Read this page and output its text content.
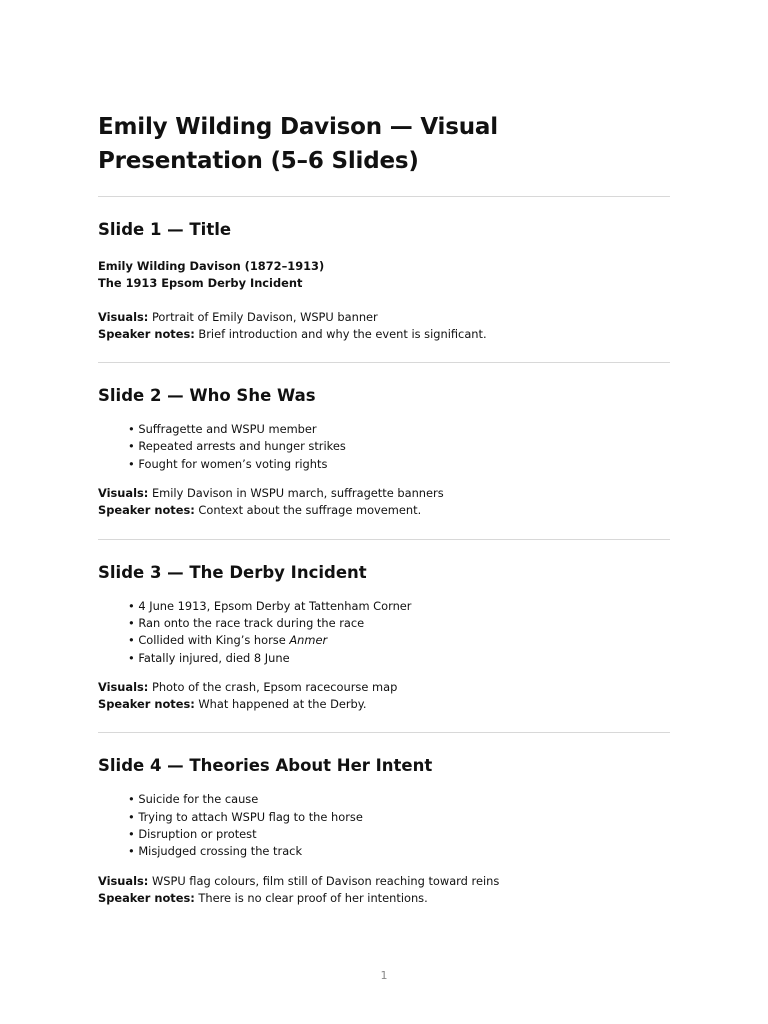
Emily Wilding Davison — Visual Presentation (5–6 Slides)
Slide 1 — Title
Emily Wilding Davison (1872–1913)
The 1913 Epsom Derby Incident
Visuals: Portrait of Emily Davison, WSPU banner
Speaker notes: Brief introduction and why the event is significant.
Slide 2 — Who She Was
• Suffragette and WSPU member
• Repeated arrests and hunger strikes
• Fought for women’s voting rights
Visuals: Emily Davison in WSPU march, suffragette banners
Speaker notes: Context about the suffrage movement.
Slide 3 — The Derby Incident
• 4 June 1913, Epsom Derby at Tattenham Corner
• Ran onto the race track during the race
• Collided with King’s horse Anmer
• Fatally injured, died 8 June
Visuals: Photo of the crash, Epsom racecourse map
Speaker notes: What happened at the Derby.
Slide 4 — Theories About Her Intent
• Suicide for the cause
• Trying to attach WSPU flag to the horse
• Disruption or protest
• Misjudged crossing the track
Visuals: WSPU flag colours, film still of Davison reaching toward reins
Speaker notes: There is no clear proof of her intentions.
1
